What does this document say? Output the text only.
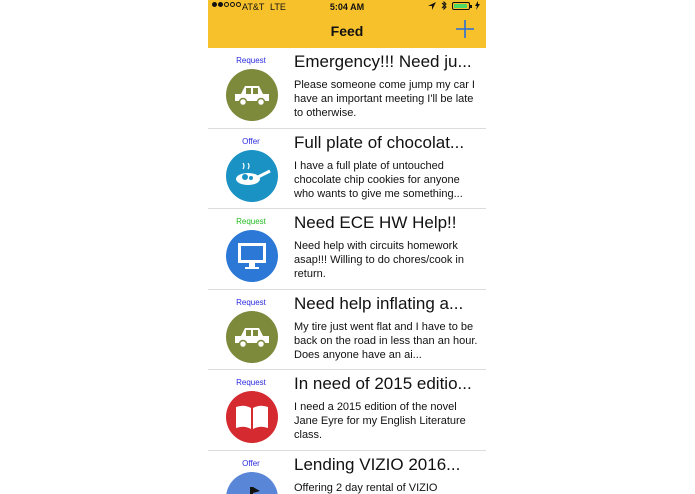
AT&T LTE	5:04 AM
Feed
Request	Emergency!!! Need ju...
Please someone come jump my car I have an important meeting I'll be late to otherwise.
Offer	Full plate of chocolat...
I have a full plate of untouched chocolate chip cookies for anyone who wants to give me something...
Request	Need ECE HW Help!!
Need help with circuits homework asap!!! Willing to do chores/cook in return.
Request	Need help inflating a...
My tire just went flat and I have to be back on the road in less than an hour. Does anyone have an ai...
Request	In need of 2015 editio...
I need a 2015 edition of the novel Jane Eyre for my English Literature class.
Offer	Lending VIZIO 2016...
Offering 2 day rental of VIZIO
